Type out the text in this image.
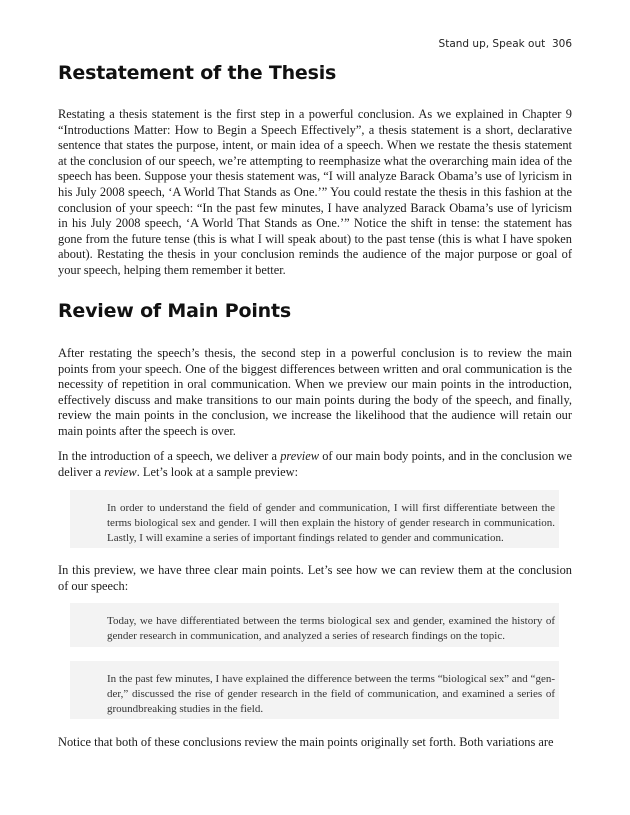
Stand up, Speak out 306
Restatement of the Thesis

Restating a thesis statement is the first step in a powerful conclusion. As we explained in Chapter 9 “Introductions Matter: How to Begin a Speech Effectively”, a thesis statement is a short, declarative sentence that states the purpose, intent, or main idea of a speech. When we restate the thesis statement at the conclusion of our speech, we’re attempting to reemphasize what the overarching main idea of the speech has been. Suppose your thesis statement was, “I will analyze Barack Obama’s use of lyricism in his July 2008 speech, ‘A World That Stands as One.’” You could restate the thesis in this fashion at the conclusion of your speech: “In the past few minutes, I have analyzed Barack Obama’s use of lyricism in his July 2008 speech, ‘A World That Stands as One.’” Notice the shift in tense: the statement has gone from the future tense (this is what I will speak about) to the past tense (this is what I have spoken about). Restating the thesis in your conclusion reminds the audience of the major purpose or goal of your speech, helping them remember it better.

Review of Main Points

After restating the speech’s thesis, the second step in a powerful conclusion is to review the main points from your speech. One of the biggest differences between written and oral communication is the necessity of repetition in oral communication. When we preview our main points in the introduction, effectively discuss and make transitions to our main points during the body of the speech, and finally, review the main points in the conclusion, we increase the likelihood that the audience will retain our main points after the speech is over.

In the introduction of a speech, we deliver a preview of our main body points, and in the conclusion we deliver a review. Let’s look at a sample preview:

In order to understand the field of gender and communication, I will first differentiate between the terms biological sex and gender. I will then explain the history of gender research in communication. Lastly, I will examine a series of important findings related to gender and communication.

In this preview, we have three clear main points. Let’s see how we can review them at the conclusion of our speech:

Today, we have differentiated between the terms biological sex and gender, examined the history of gender research in communication, and analyzed a series of research findings on the topic.

In the past few minutes, I have explained the difference between the terms “biological sex” and “gender,” discussed the rise of gender research in the field of communication, and examined a series of groundbreaking studies in the field.

Notice that both of these conclusions review the main points originally set forth. Both variations are
